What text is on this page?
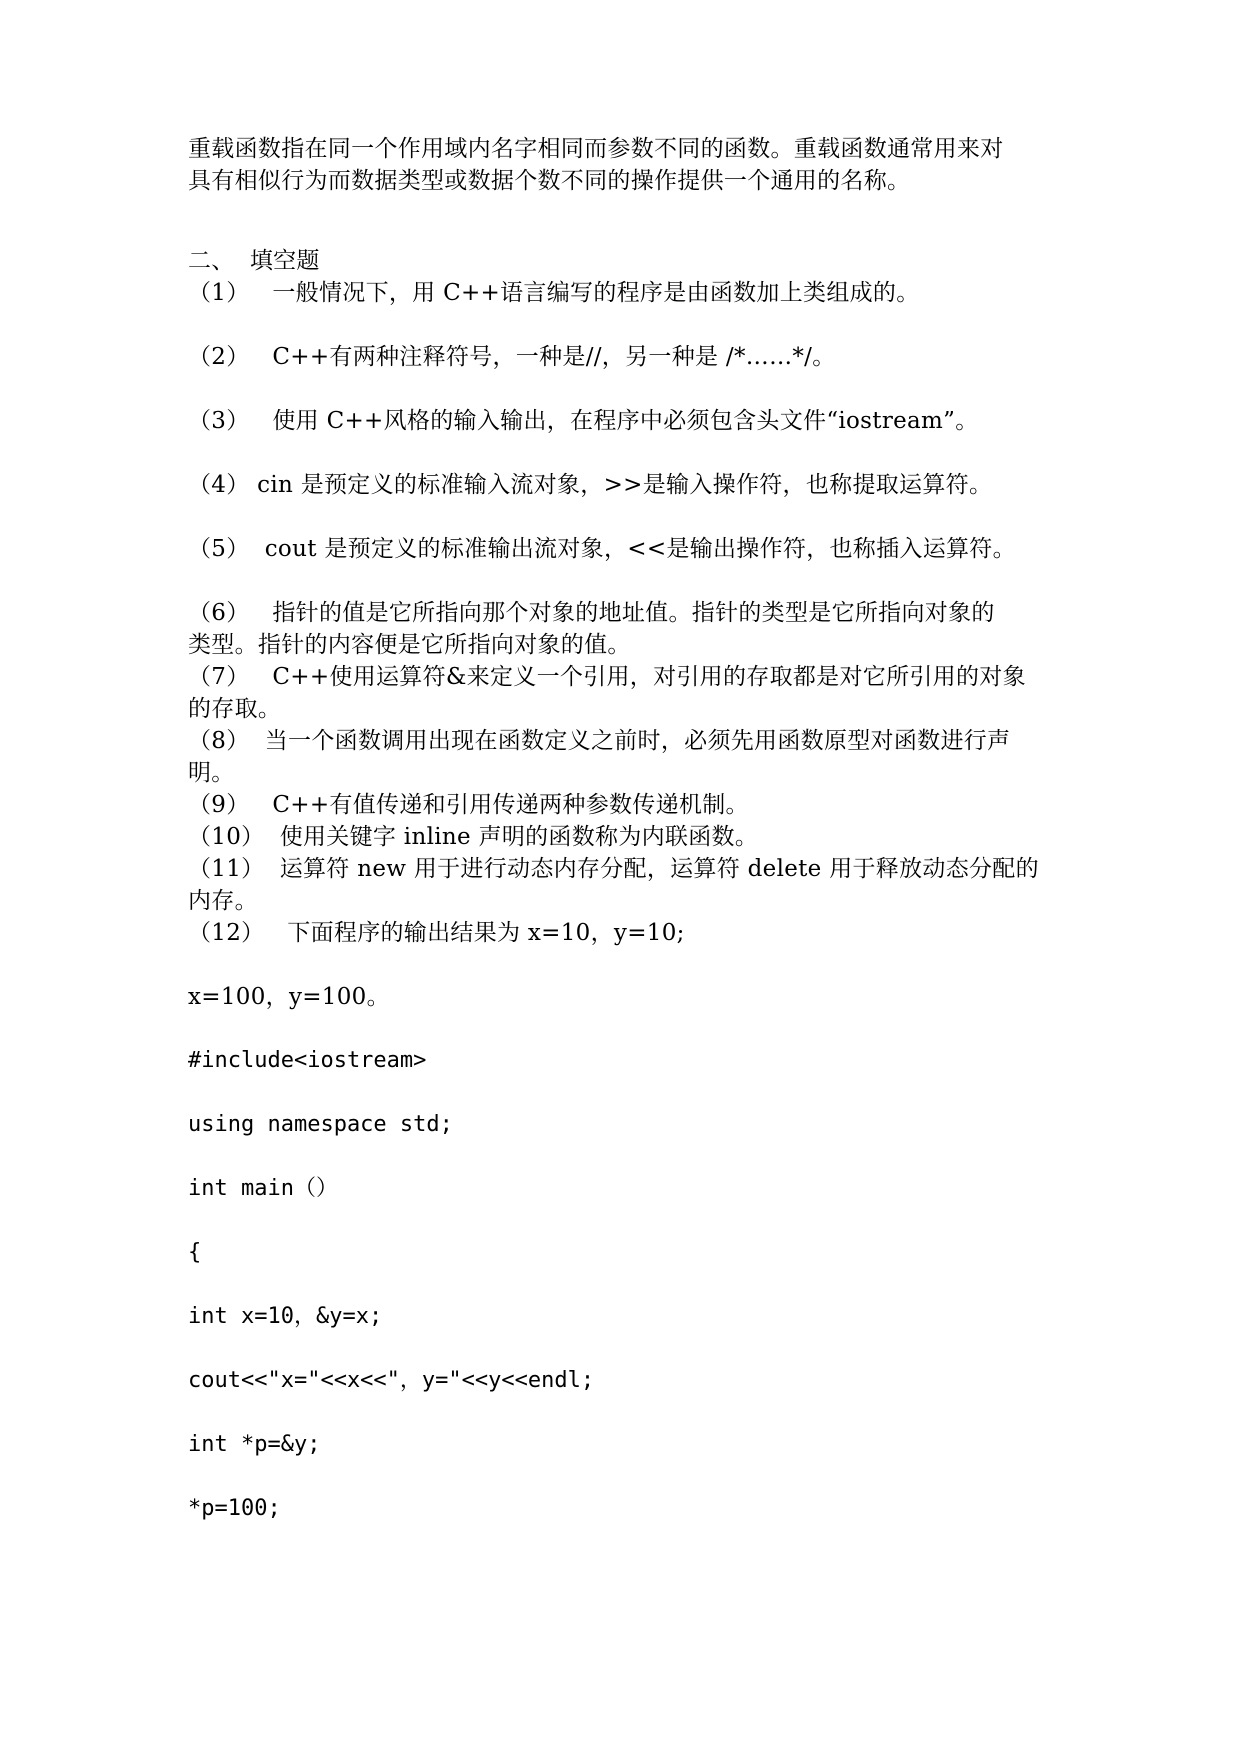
重载函数指在同一个作用域内名字相同而参数不同的函数。重载函数通常用来对
具有相似行为而数据类型或数据个数不同的操作提供一个通用的名称。
二、  填空题
（1）   一般情况下，用 C++语言编写的程序是由函数加上类组成的。
（2）   C++有两种注释符号，一种是//，另一种是 /*……*/。
（3）   使用 C++风格的输入输出，在程序中必须包含头文件“iostream”。
（4） cin 是预定义的标准输入流对象，>>是输入操作符，也称提取运算符。
（5）  cout 是预定义的标准输出流对象，<<是输出操作符，也称插入运算符。
（6）   指针的值是它所指向那个对象的地址值。指针的类型是它所指向对象的
类型。指针的内容便是它所指向对象的值。
（7）   C++使用运算符&来定义一个引用，对引用的存取都是对它所引用的对象
的存取。
（8）  当一个函数调用出现在函数定义之前时，必须先用函数原型对函数进行声
明。
（9）   C++有值传递和引用传递两种参数传递机制。
（10）  使用关键字 inline 声明的函数称为内联函数。
（11）  运算符 new 用于进行动态内存分配，运算符 delete 用于释放动态分配的
内存。
（12）   下面程序的输出结果为 x=10，y=10;
x=100，y=100。
#include<iostream>
using namespace std;
int main（）
{
int x=10，&y=x;
cout<<"x="<<x<<"，y="<<y<<endl;
int *p=&y;
*p=100;
